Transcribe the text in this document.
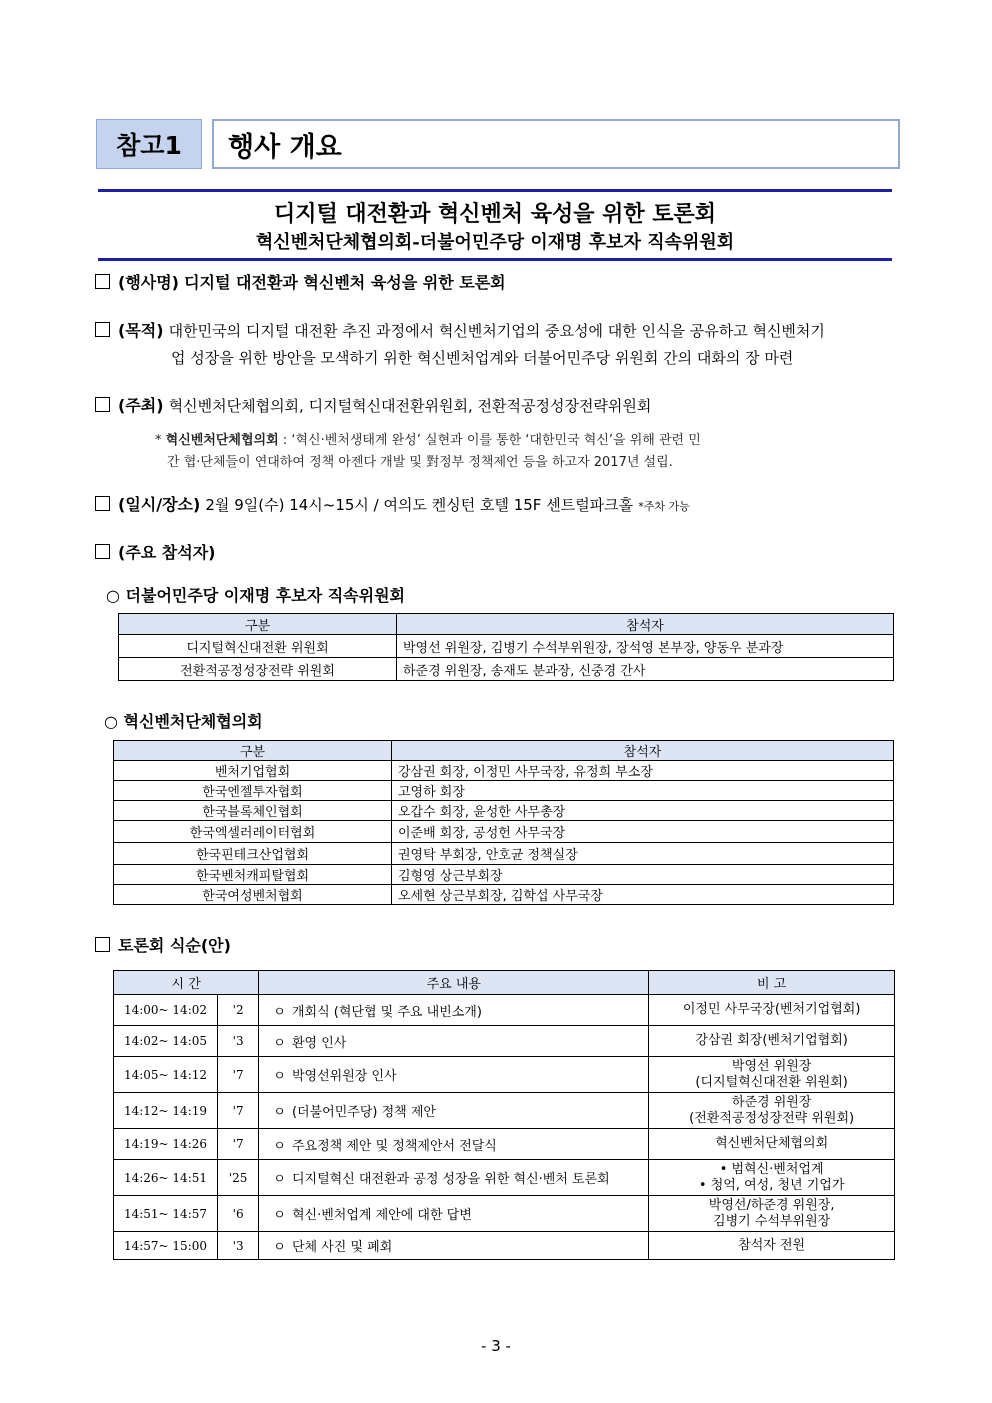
참고1	행사 개요
디지털 대전환과 혁신벤처 육성을 위한 토론회
혁신벤처단체협의회-더불어민주당 이재명 후보자 직속위원회
(행사명) 디지털 대전환과 혁신벤처 육성을 위한 토론회
(목적) 대한민국의 디지털 대전환 추진 과정에서 혁신벤처기업의 중요성에 대한 인식을 공유하고 혁신벤처기
업 성장을 위한 방안을 모색하기 위한 혁신벤처업계와 더불어민주당 위원회 간의 대화의 장 마련
(주최) 혁신벤처단체협의회, 디지털혁신대전환위원회, 전환적공정성장전략위원회
* 혁신벤처단체협의회 : ‘혁신·벤처생태계 완성’ 실현과 이를 통한 ‘대한민국 혁신’을 위해 관련 민
간 협·단체들이 연대하여 정책 아젠다 개발 및 對정부 정책제언 등을 하고자 2017년 설립.
(일시/장소) 2월 9일(수) 14시~15시 / 여의도 켄싱턴 호텔 15F 센트럴파크홀 *주차 가능
(주요 참석자)
○ 더불어민주당 이재명 후보자 직속위원회
구분	참석자
디지털혁신대전환 위원회	박영선 위원장, 김병기 수석부위원장, 장석영 본부장, 양동우 분과장
전환적공정성장전략 위원회	하준경 위원장, 송재도 분과장, 신중경 간사
○ 혁신벤처단체협의회
구분	참석자
벤처기업협회	강삼권 회장, 이정민 사무국장, 유정희 부소장
한국엔젤투자협회	고영하 회장
한국블록체인협회	오갑수 회장, 윤성한 사무총장
한국엑셀러레이터협회	이준배 회장, 공성헌 사무국장
한국핀테크산업협회	권영탁 부회장, 안호균 정책실장
한국벤처캐피탈협회	김형영 상근부회장
한국여성벤처협회	오세현 상근부회장, 김학섭 사무국장
토론회 식순(안)
시 간		주요 내용	비 고
14:00~ 14:02	'2	ㅇ 개회식 (혁단협 및 주요 내빈소개)	이정민 사무국장(벤처기업협회)

14:02~ 14:05	'3	ㅇ 환영 인사	강삼권 회장(벤처기업협회)

14:05~ 14:12	'7	ㅇ 박영선위원장 인사	박영선 위원장
(디지털혁신대전환 위원회)

14:12~ 14:19	'7	ㅇ (더불어민주당) 정책 제안	하준경 위원장
(전환적공정성장전략 위원회)

14:19~ 14:26	'7	ㅇ 주요정책 제안 및 정책제안서 전달식	혁신벤처단체협의회

14:26~ 14:51	'25	ㅇ 디지털혁신 대전환과 공정 성장을 위한 혁신·벤처 토론회	• 범혁신·벤처업계
• 청억, 여성, 청년 기업가

14:51~ 14:57	'6	ㅇ 혁신·벤처업계 제안에 대한 답변	박영선/하준경 위원장,
김병기 수석부위원장

14:57~ 15:00	'3	ㅇ 단체 사진 및 폐회	참석자 전원
- 3 -
